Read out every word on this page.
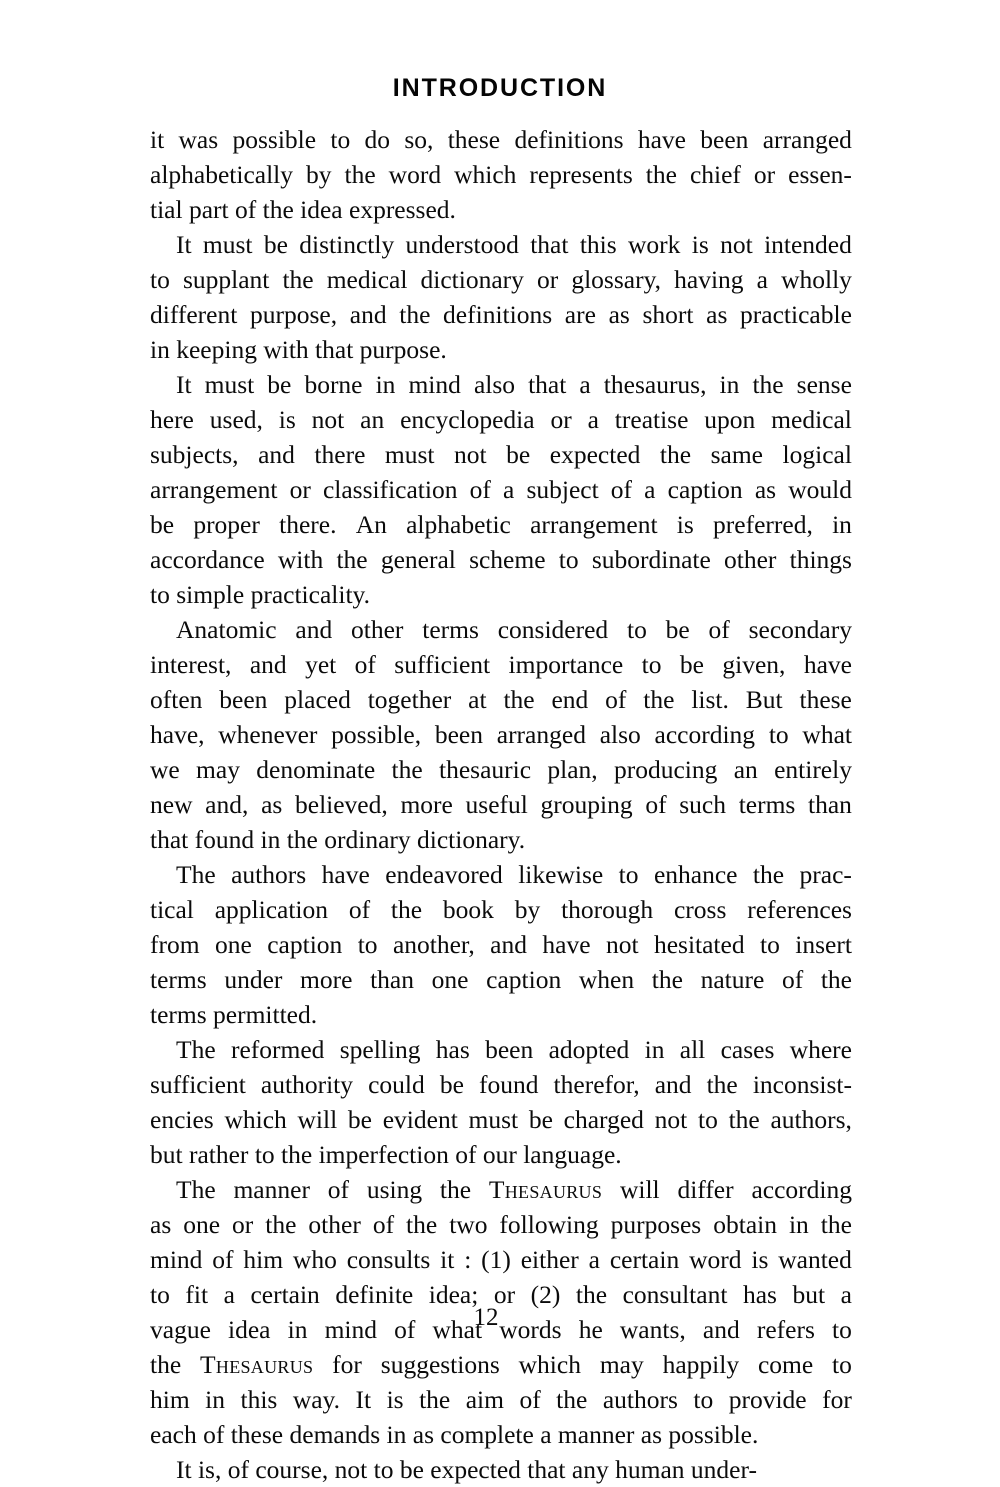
INTRODUCTION

it was possible to do so, these definitions have been arranged
alphabetically by the word which represents the chief or essen-
tial part of the idea expressed.

It must be distinctly understood that this work is not intended
to supplant the medical dictionary or glossary, having a wholly
different purpose, and the definitions are as short as practicable
in keeping with that purpose.

It must be borne in mind also that a thesaurus, in the sense
here used, is not an encyclopedia or a treatise upon medical
subjects, and there must not be expected the same logical
arrangement or classification of a subject of a caption as would
be proper there. An alphabetic arrangement is preferred, in
accordance with the general scheme to subordinate other things
to simple practicality.

Anatomic and other terms considered to be of secondary
interest, and yet of sufficient importance to be given, have
often been placed together at the end of the list. But these
have, whenever possible, been arranged also according to what
we may denominate the thesauric plan, producing an entirely
new and, as believed, more useful grouping of such terms than
that found in the ordinary dictionary.

The authors have endeavored likewise to enhance the prac-
tical application of the book by thorough cross references
from one caption to another, and have not hesitated to insert
terms under more than one caption when the nature of the
terms permitted.

The reformed spelling has been adopted in all cases where
sufficient authority could be found therefor, and the inconsist-
encies which will be evident must be charged not to the authors,
but rather to the imperfection of our language.

The manner of using the Thesaurus will differ according
as one or the other of the two following purposes obtain in the
mind of him who consults it : (1) either a certain word is wanted
to fit a certain definite idea; or (2) the consultant has but a
vague idea in mind of what words he wants, and refers to
the Thesaurus for suggestions which may happily come to
him in this way. It is the aim of the authors to provide for
each of these demands in as complete a manner as possible.

It is, of course, not to be expected that any human under-

12
